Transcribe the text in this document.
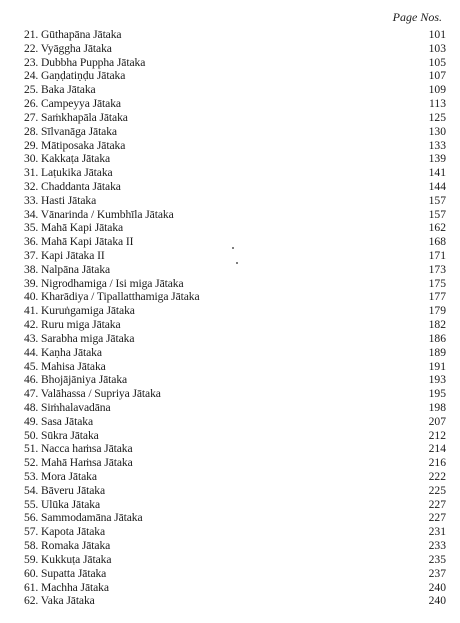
Page Nos.
21. Gūthapāna Jātaka	101
22. Vyāggha Jātaka	103
23. Dubbha Puppha Jātaka	105
24. Gaṇḍatiṇḍu Jātaka	107
25. Baka Jātaka	109
26. Campeyya Jātaka	113
27. Saṁkhapāla Jātaka	125
28. Sīlvanāga Jātaka	130
29. Mātiposaka Jātaka	133
30. Kakkaṭa Jātaka	139
31. Laṭukika Jātaka	141
32. Chaddanta Jātaka	144
33. Hasti Jātaka	157
34. Vānarinda / Kumbhīla Jātaka	157
35. Mahā Kapi Jātaka	162
36. Mahā Kapi Jātaka II	168
37. Kapi Jātaka II	171
38. Nalpāna Jātaka	173
39. Nigrodhamiga / Isi miga Jātaka	175
40. Kharādiya / Tipallatthamiga Jātaka	177
41. Kuruṅgamiga Jātaka	179
42. Ruru miga Jātaka	182
43. Sarabha miga Jātaka	186
44. Kaṇha Jātaka	189
45. Mahisa Jātaka	191
46. Bhojājāniya Jātaka	193
47. Valāhassa / Supriya Jātaka	195
48. Siṁhalavadāna	198
49. Sasa Jātaka	207
50. Sūkra Jātaka	212
51. Nacca haṁsa Jātaka	214
52. Mahā Haṁsa Jātaka	216
53. Mora Jātaka	222
54. Bāveru Jātaka	225
55. Ulūka Jātaka	227
56. Sammodamāna Jātaka	227
57. Kapota Jātaka	231
58. Romaka Jātaka	233
59. Kukkuṭa Jātaka	235
60. Supatta Jātaka	237
61. Machha Jātaka	240
62. Vaka Jātaka	240
